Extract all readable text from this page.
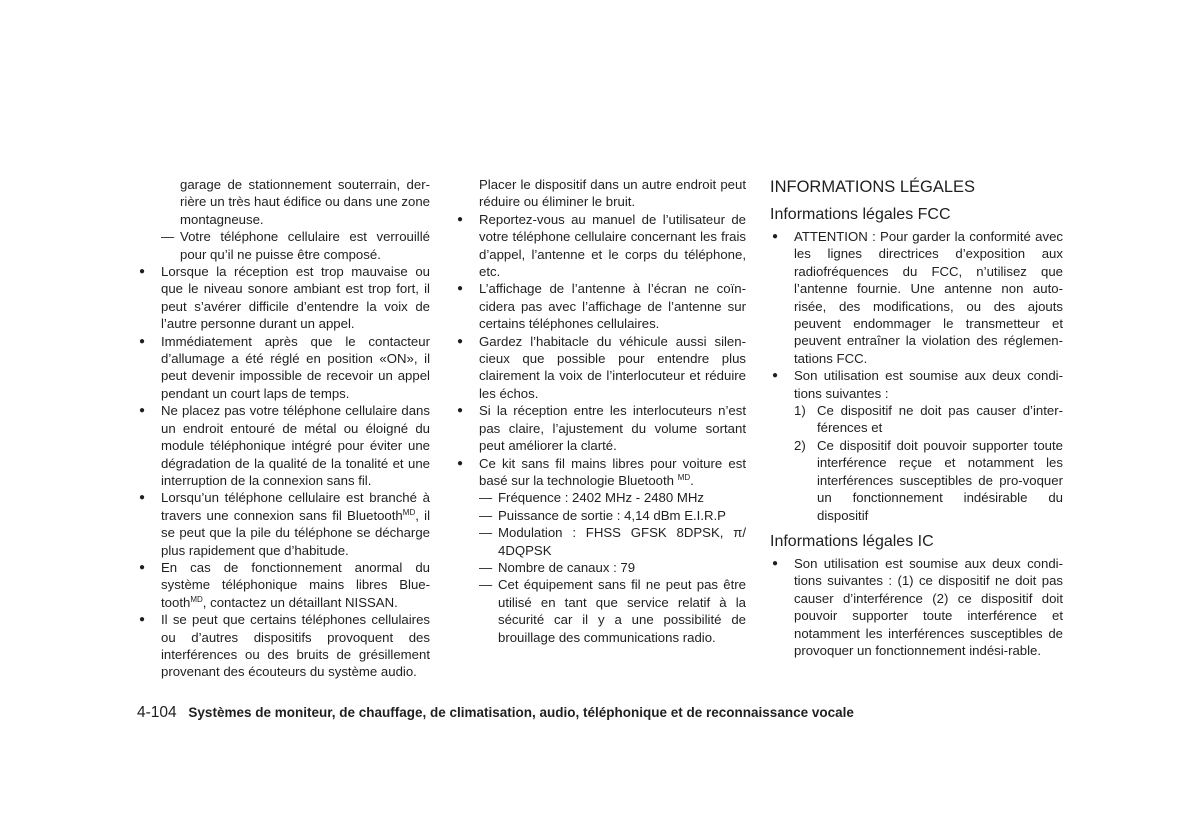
garage de stationnement souterrain, der-rière un très haut édifice ou dans une zone montagneuse.
— Votre téléphone cellulaire est verrouillé pour qu’il ne puisse être composé.
● Lorsque la réception est trop mauvaise ou que le niveau sonore ambiant est trop fort, il peut s’avérer difficile d’entendre la voix de l’autre personne durant un appel.
● Immédiatement après que le contacteur d’allumage a été réglé en position «ON», il peut devenir impossible de recevoir un appel pendant un court laps de temps.
● Ne placez pas votre téléphone cellulaire dans un endroit entouré de métal ou éloigné du module téléphonique intégré pour éviter une dégradation de la qualité de la tonalité et une interruption de la connexion sans fil.
● Lorsqu’un téléphone cellulaire est branché à travers une connexion sans fil Bluetooth$^{MD}$, il se peut que la pile du téléphone se décharge plus rapidement que d’habitude.
● En cas de fonctionnement anormal du système téléphonique mains libres Blue-tooth$^{MD}$, contactez un détaillant NISSAN.
● Il se peut que certains téléphones cellulaires ou d’autres dispositifs provoquent des interférences ou des bruits de grésillement provenant des écouteurs du système audio.
Placer le dispositif dans un autre endroit peut réduire ou éliminer le bruit.
● Reportez-vous au manuel de l’utilisateur de votre téléphone cellulaire concernant les frais d’appel, l’antenne et le corps du téléphone, etc.
● L’affichage de l’antenne à l’écran ne coïn-cidera pas avec l’affichage de l’antenne sur certains téléphones cellulaires.
● Gardez l’habitacle du véhicule aussi silen-cieux que possible pour entendre plus clairement la voix de l’interlocuteur et réduire les échos.
● Si la réception entre les interlocuteurs n’est pas claire, l’ajustement du volume sortant peut améliorer la clarté.
● Ce kit sans fil mains libres pour voiture est basé sur la technologie Bluetooth $^{MD}$.
— Fréquence : 2402 MHz - 2480 MHz
— Puissance de sortie : 4,14 dBm E.I.R.P
— Modulation : FHSS GFSK 8DPSK, π/ 4DQPSK
— Nombre de canaux : 79
— Cet équipement sans fil ne peut pas être utilisé en tant que service relatif à la sécurité car il y a une possibilité de brouillage des communications radio.
INFORMATIONS LÉGALES
Informations légales FCC
● ATTENTION : Pour garder la conformité avec les lignes directrices d’exposition aux radiofréquences du FCC, n’utilisez que l’antenne fournie. Une antenne non auto-risée, des modifications, ou des ajouts peuvent endommager le transmetteur et peuvent entraîner la violation des réglemen-tations FCC.
● Son utilisation est soumise aux deux condi-tions suivantes :
1) Ce dispositif ne doit pas causer d’inter-férences et
2) Ce dispositif doit pouvoir supporter toute interférence reçue et notamment les interférences susceptibles de pro-voquer un fonctionnement indésirable du dispositif
Informations légales IC
● Son utilisation est soumise aux deux condi-tions suivantes : (1) ce dispositif ne doit pas causer d’interférence (2) ce dispositif doit pouvoir supporter toute interférence et notamment les interférences susceptibles de provoquer un fonctionnement indési-rable.
4-104 Systèmes de moniteur, de chauffage, de climatisation, audio, téléphonique et de reconnaissance vocale
